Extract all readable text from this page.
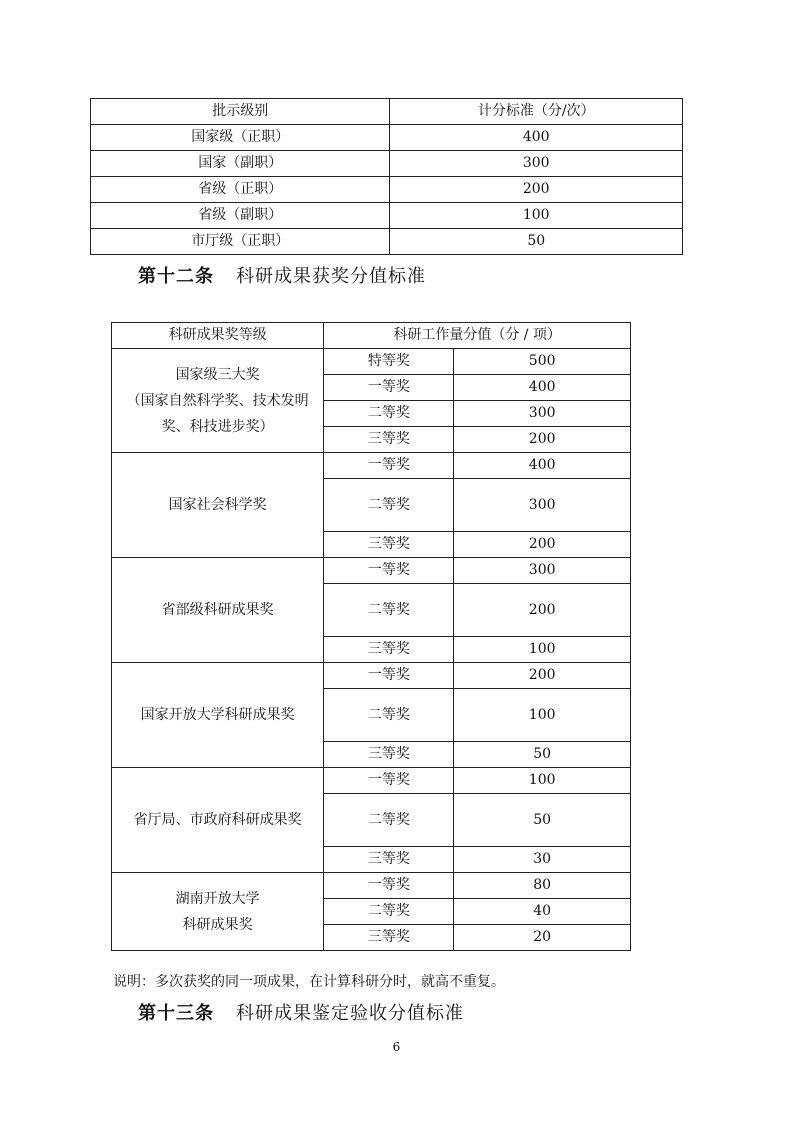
批示级别	计分标准（分/次）
国家级（正职）	400
国家（副职）	300
省级（正职）	200
省级（副职）	100
市厅级（正职）	50
第十二条 科研成果获奖分值标准
科研成果奖等级	科研工作量分值（分 / 项）	

国家级三大奖
（国家自然科学奖、技术发明
奖、科技进步奖）	特等奖	500
	一等奖	400
	二等奖	300
	三等奖	200

国家社会科学奖	一等奖	400
	二等奖	300
	三等奖	200

省部级科研成果奖	一等奖	300
	二等奖	200
	三等奖	100

国家开放大学科研成果奖	一等奖	200
	二等奖	100
	三等奖	50

省厅局、市政府科研成果奖	一等奖	100
	二等奖	50
	三等奖	30

湖南开放大学
科研成果奖	一等奖	80
	二等奖	40
	三等奖	20
说明：多次获奖的同一项成果，在计算科研分时，就高不重复。
第十三条 科研成果鉴定验收分值标准
6
